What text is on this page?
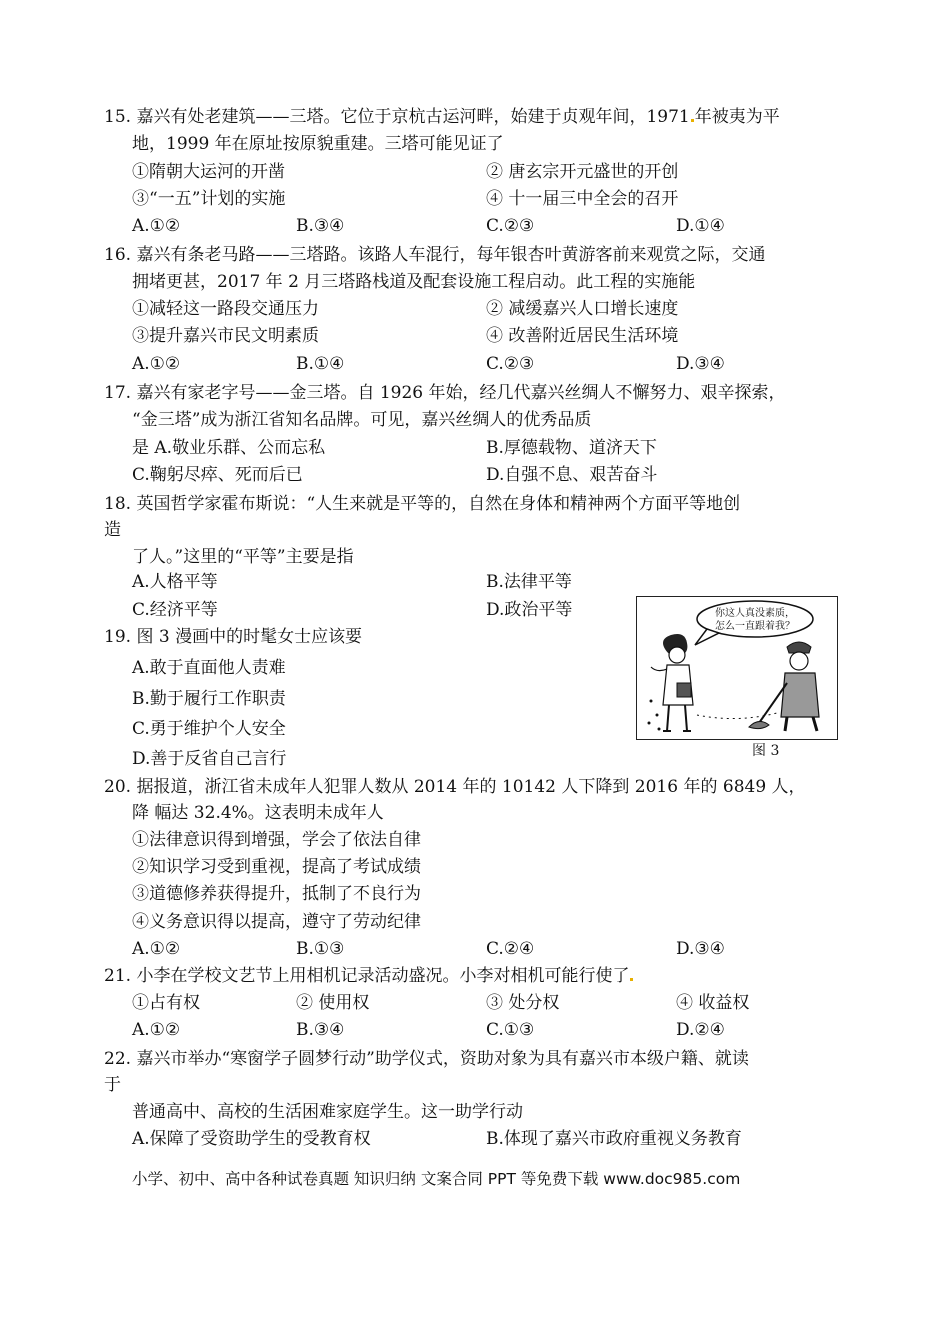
15. 嘉兴有处老建筑——三塔。它位于京杭古运河畔，始建于贞观年间，1971 年被夷为平
地，1999 年在原址按原貌重建。三塔可能见证了
①隋朝大运河的开凿	② 唐玄宗开元盛世的开创
③“一五”计划的实施	④ 十一届三中全会的召开
A.①②	B.③④	C.②③	D.①④
16. 嘉兴有条老马路——三塔路。该路人车混行，每年银杏叶黄游客前来观赏之际，交通
拥堵更甚，2017 年 2 月三塔路栈道及配套设施工程启动。此工程的实施能
①减轻这一路段交通压力	② 减缓嘉兴人口增长速度
③提升嘉兴市民文明素质	④ 改善附近居民生活环境
A.①②	B.①④	C.②③	D.③④
17. 嘉兴有家老字号——金三塔。自 1926 年始，经几代嘉兴丝绸人不懈努力、艰辛探索，
“金三塔”成为浙江省知名品牌。可见，嘉兴丝绸人的优秀品质
是 A.敬业乐群、公而忘私	B.厚德载物、道济天下
C.鞠躬尽瘁、死而后已	D.自强不息、艰苦奋斗
18. 英国哲学家霍布斯说：“人生来就是平等的，自然在身体和精神两个方面平等地创
造
了人。”这里的“平等”主要是指
A.人格平等	B.法律平等
C.经济平等	D.政治平等
19. 图 3 漫画中的时髦女士应该要
A.敢于直面他人责难
B.勤于履行工作职责
C.勇于维护个人安全
D.善于反省自己言行
你这人真没素质，
怎么一直跟着我？
图 3
20. 据报道，浙江省未成年人犯罪人数从 2014 年的 10142 人下降到 2016 年的 6849 人，
降 幅达 32.4%。这表明未成年人
①法律意识得到增强，学会了依法自律
②知识学习受到重视，提高了考试成绩
③道德修养获得提升，抵制了不良行为
④义务意识得以提高，遵守了劳动纪律
A.①②	B.①③	C.②④	D.③④
21. 小李在学校文艺节上用相机记录活动盛况。小李对相机可能行使了
①占有权	② 使用权	③ 处分权	④ 收益权
A.①②	B.③④	C.①③	D.②④
22. 嘉兴市举办“寒窗学子圆梦行动”助学仪式，资助对象为具有嘉兴市本级户籍、就读
于
普通高中、高校的生活困难家庭学生。这一助学行动
A.保障了受资助学生的受教育权	B.体现了嘉兴市政府重视义务教育
小学、初中、高中各种试卷真题 知识归纳 文案合同 PPT 等免费下载 www.doc985.com
